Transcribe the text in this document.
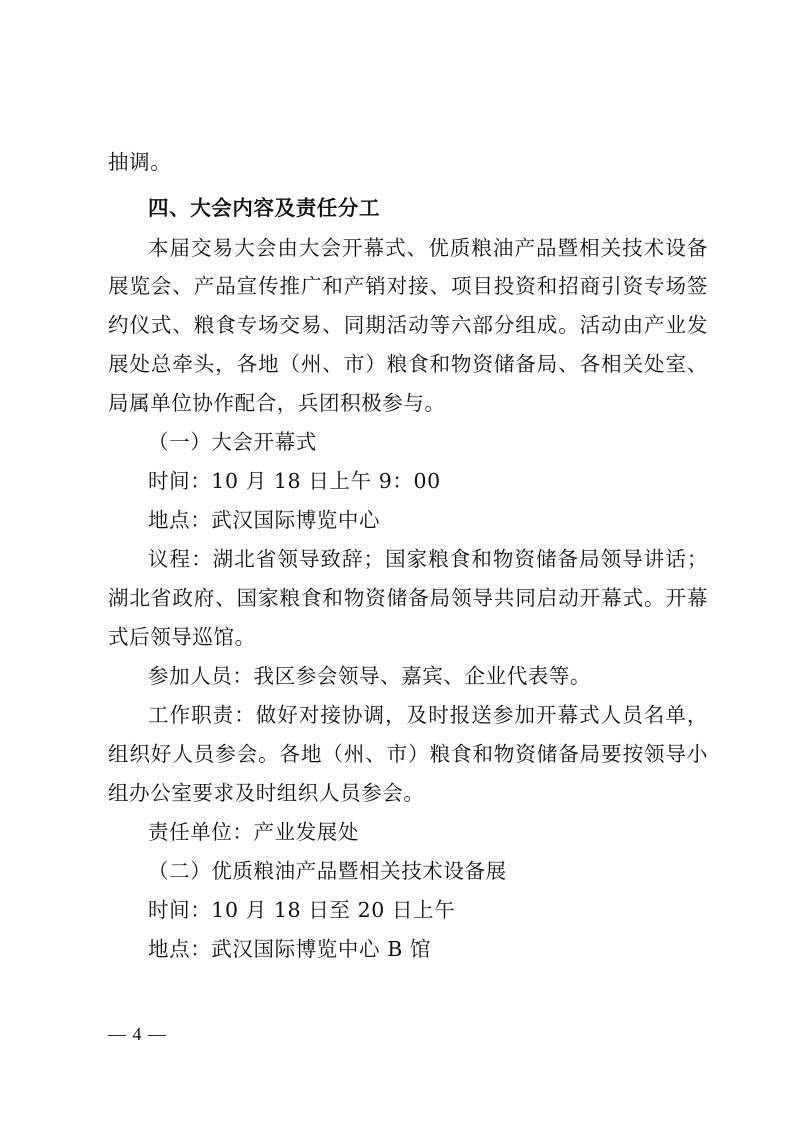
抽调。
四、大会内容及责任分工
本届交易大会由大会开幕式、优质粮油产品暨相关技术设备
展览会、产品宣传推广和产销对接、项目投资和招商引资专场签
约仪式、粮食专场交易、同期活动等六部分组成。活动由产业发
展处总牵头，各地（州、市）粮食和物资储备局、各相关处室、
局属单位协作配合，兵团积极参与。
（一）大会开幕式
时间：10 月 18 日上午 9：00
地点：武汉国际博览中心
议程：湖北省领导致辞；国家粮食和物资储备局领导讲话；
湖北省政府、国家粮食和物资储备局领导共同启动开幕式。开幕
式后领导巡馆。
参加人员：我区参会领导、嘉宾、企业代表等。
工作职责：做好对接协调，及时报送参加开幕式人员名单，
组织好人员参会。各地（州、市）粮食和物资储备局要按领导小
组办公室要求及时组织人员参会。
责任单位：产业发展处
（二）优质粮油产品暨相关技术设备展
时间：10 月 18 日至 20 日上午
地点：武汉国际博览中心 B 馆
— 4 —
